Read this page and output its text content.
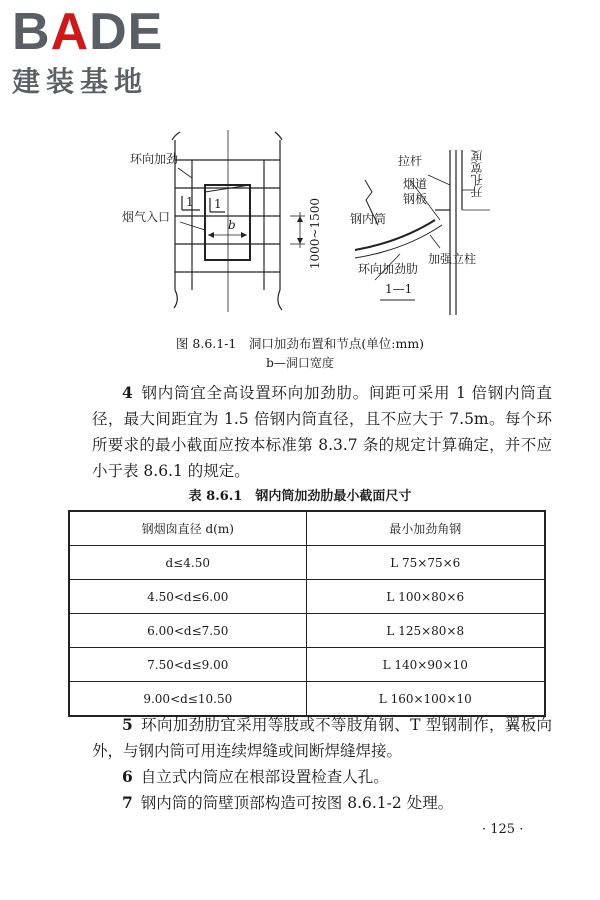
BADE
建装基地
环向加劲
烟气入口
1 1
b	1000~1500
拉杆
烟道
钢板
开孔宽度
钢内筒
环向加劲肋
加强立柱
1—1
图 8.6.1-1　洞口加劲布置和节点(单位:mm)
b—洞口宽度
4 钢内筒宜全高设置环向加劲肋。间距可采用 1 倍钢内筒直径，最大间距宜为 1.5 倍钢内筒直径，且不应大于 7.5m。每个环所要求的最小截面应按本标准第 8.3.7 条的规定计算确定，并不应小于表 8.6.1 的规定。
表 8.6.1　钢内筒加劲肋最小截面尺寸
钢烟囱直径 d(m)	最小加劲角钢
d≤4.50	L 75×75×6
4.50<d≤6.00	L 100×80×6
6.00<d≤7.50	L 125×80×8
7.50<d≤9.00	L 140×90×10
9.00<d≤10.50	L 160×100×10
5 环向加劲肋宜采用等肢或不等肢角钢、T 型钢制作，翼板向外，与钢内筒可用连续焊缝或间断焊缝焊接。
6 自立式内筒应在根部设置检查人孔。
7 钢内筒的筒壁顶部构造可按图 8.6.1-2 处理。
· 125 ·
